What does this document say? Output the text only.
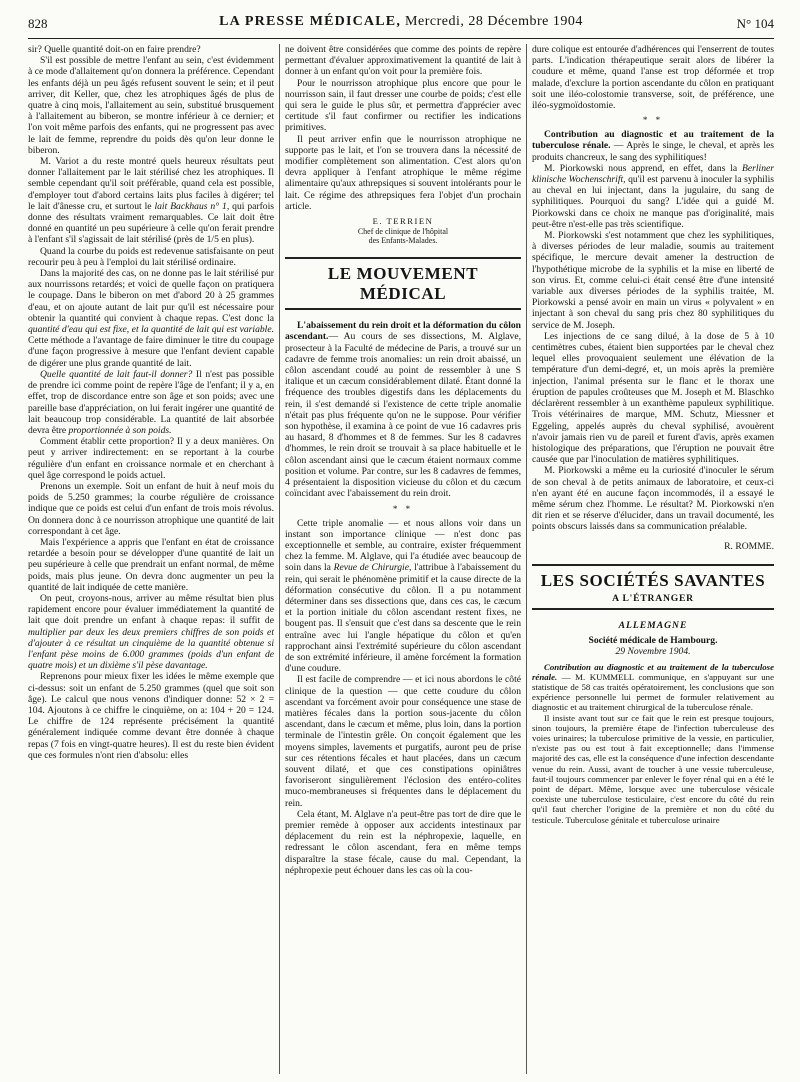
828	LA PRESSE MÉDICALE, Mercredi, 28 Décembre 1904	N° 104

sir? Quelle quantité doit-on en faire prendre?

S'il est possible de mettre l'enfant au sein, c'est évidemment à ce mode d'allaitement qu'on donnera la préférence. Cependant les enfants déjà un peu âgés refusent souvent le sein; et il peut arriver, dit Keller, que, chez les atrophiques âgés de plus de quatre à cinq mois, l'allaitement au sein, substitué brusquement à l'allaitement au biberon, se montre inférieur à ce dernier; et l'on voit même parfois des enfants, qui ne progressent pas avec le lait de femme, reprendre du poids dès qu'on leur donne le biberon.

M. Variot a du reste montré quels heureux résultats peut donner l'allaitement par le lait stérilisé chez les atrophiques. Il semble cependant qu'il soit préférable, quand cela est possible, d'employer tout d'abord certains laits plus faciles à digérer; tel le lait d'ânesse cru, et surtout le lait Backhaus n° 1, qui parfois donne des résultats vraiment remarquables. Ce lait doit être donné en quantité un peu supérieure à celle qu'on ferait prendre à l'enfant s'il s'agissait de lait stérilisé (près de 1/5 en plus).

Quand la courbe du poids est redevenue satisfaisante on peut recourir peu à peu à l'emploi du lait stérilisé ordinaire.

Dans la majorité des cas, on ne donne pas le lait stérilisé pur aux nourrissons retardés; et voici de quelle façon on pratiquera le coupage. Dans le biberon on met d'abord 20 à 25 grammes d'eau, et on ajoute autant de lait pur qu'il est nécessaire pour obtenir la quantité qui convient à chaque repas. C'est donc la quantité d'eau qui est fixe, et la quantité de lait qui est variable. Cette méthode a l'avantage de faire diminuer le titre du coupage d'une façon progressive à mesure que l'enfant devient capable de digérer une plus grande quantité de lait.

Quelle quantité de lait faut-il donner? Il n'est pas possible de prendre ici comme point de repère l'âge de l'enfant; il y a, en effet, trop de discordance entre son âge et son poids; avec une pareille base d'appréciation, on lui ferait ingérer une quantité de lait beaucoup trop considérable. La quantité de lait absorbée devra être proportionnée à son poids.

Comment établir cette proportion? Il y a deux manières. On peut y arriver indirectement: en se reportant à la courbe régulière d'un enfant en croissance normale et en cherchant à quel âge correspond le poids actuel.

Prenons un exemple. Soit un enfant de huit à neuf mois du poids de 5.250 grammes; la courbe régulière de croissance indique que ce poids est celui d'un enfant de trois mois révolus. On donnera donc à ce nourrisson atrophique une quantité de lait correspondant à cet âge.

Mais l'expérience a appris que l'enfant en état de croissance retardée a besoin pour se développer d'une quantité de lait un peu supérieure à celle que prendrait un enfant normal, de même poids, mais plus jeune. On devra donc augmenter un peu la quantité de lait indiquée de cette manière.

On peut, croyons-nous, arriver au même résultat bien plus rapidement encore pour évaluer immédiatement la quantité de lait que doit prendre un enfant à chaque repas: il suffit de multiplier par deux les deux premiers chiffres de son poids et d'ajouter à ce résultat un cinquième de la quantité obtenue si l'enfant pèse moins de 6.000 grammes (poids d'un enfant de quatre mois) et un dixième s'il pèse davantage.

Reprenons pour mieux fixer les idées le même exemple que ci-dessus: soit un enfant de 5.250 grammes (quel que soit son âge). Le calcul que nous venons d'indiquer donne: 52 × 2 = 104. Ajoutons à ce chiffre le cinquième, on a: 104 + 20 = 124. Le chiffre de 124 représente précisément la quantité généralement indiquée comme devant être donnée à chaque repas (7 fois en vingt-quatre heures). Il est du reste bien évident que ces formules n'ont rien d'absolu: elles

ne doivent être considérées que comme des points de repère permettant d'évaluer approximativement la quantité de lait à donner à un enfant qu'on voit pour la première fois.

Pour le nourrisson atrophique plus encore que pour le nourrisson sain, il faut dresser une courbe de poids; c'est elle qui sera le guide le plus sûr, et permettra d'apprécier avec certitude s'il faut confirmer ou rectifier les indications primitives.

Il peut arriver enfin que le nourrisson atrophique ne supporte pas le lait, et l'on se trouvera dans la nécessité de modifier complètement son alimentation. C'est alors qu'on devra appliquer à l'enfant atrophique le même régime alimentaire qu'aux athrepsiques si souvent intolérants pour le lait. Ce régime des athrepsiques fera l'objet d'un prochain article.

E. TERRIEN
Chef de clinique de l'hôpital
des Enfants-Malades.
LE MOUVEMENT MÉDICAL

L'abaissement du rein droit et la déformation du côlon ascendant.— Au cours de ses dissections, M. Alglave, prosecteur à la Faculté de médecine de Paris, a trouvé sur un cadavre de femme trois anomalies: un rein droit abaissé, un côlon ascendant coudé au point de ressembler à une S italique et un cæcum considérablement dilaté. Étant donné la fréquence des troubles digestifs dans les déplacements du rein, il s'est demandé si l'existence de cette triple anomalie n'était pas plus fréquente qu'on ne le suppose. Pour vérifier son hypothèse, il examina à ce point de vue 16 cadavres pris au hasard, 8 d'hommes et 8 de femmes. Sur les 8 cadavres d'hommes, le rein droit se trouvait à sa place habituelle et le côlon ascendant ainsi que le cæcum étaient normaux comme position et volume. Par contre, sur les 8 cadavres de femmes, 4 présentaient la disposition vicieuse du côlon et du cæcum coïncidant avec l'abaissement du rein droit.

* *

Cette triple anomalie — et nous allons voir dans un instant son importance clinique — n'est donc pas exceptionnelle et semble, au contraire, exister fréquemment chez la femme. M. Alglave, qui l'a étudiée avec beaucoup de soin dans la Revue de Chirurgie, l'attribue à l'abaissement du rein, qui serait le phénomène primitif et la cause directe de la déformation consécutive du côlon. Il a pu notamment déterminer dans ses dissections que, dans ces cas, le cæcum et la portion initiale du côlon ascendant restent fixes, ne bougent pas. Il s'ensuit que c'est dans sa descente que le rein entraîne avec lui l'angle hépatique du côlon et qu'en rapprochant ainsi l'extrémité supérieure du côlon ascendant de son extrémité inférieure, il amène forcément la formation d'une coudure.

Il est facile de comprendre — et ici nous abordons le côté clinique de la question — que cette coudure du côlon ascendant va forcément avoir pour conséquence une stase de matières fécales dans la portion sous-jacente du côlon ascendant, dans le cæcum et même, plus loin, dans la portion terminale de l'intestin grêle. On conçoit également que les moyens simples, lavements et purgatifs, auront peu de prise sur ces rétentions fécales et haut placées, dans un cæcum souvent dilaté, et que ces constipations opiniâtres favoriseront singulièrement l'éclosion des entéro-colites muco-membraneuses si fréquentes dans le déplacement du rein.

Cela étant, M. Alglave n'a peut-être pas tort de dire que le premier remède à opposer aux accidents intestinaux par déplacement du rein est la néphropexie, laquelle, en redressant le côlon ascendant, fera en même temps disparaître la stase fécale, cause du mal. Cependant, la néphropexie peut échouer dans les cas où la cou-

dure colique est entourée d'adhérences qui l'enserrent de toutes parts. L'indication thérapeutique serait alors de libérer la coudure et même, quand l'anse est trop déformée et trop malade, d'exclure la portion ascendante du côlon en pratiquant soit une iléo-colostomie transverse, soit, de préférence, une iléo-sygmoïdostomie.

* *

Contribution au diagnostic et au traitement de la tuberculose rénale. — Après le singe, le cheval, et après les produits chancreux, le sang des syphilitiques!

M. Piorkowski nous apprend, en effet, dans la Berliner klinische Wochenschrift, qu'il est parvenu à inoculer la syphilis au cheval en lui injectant, dans la jugulaire, du sang de syphilitiques. Pourquoi du sang? L'idée qui a guidé M. Piorkowski dans ce choix ne manque pas d'originalité, mais peut-être n'est-elle pas très scientifique.

M. Piorkowski s'est notamment que chez les syphilitiques, à diverses périodes de leur maladie, soumis au traitement spécifique, le mercure devait amener la destruction de l'hypothétique microbe de la syphilis et la mise en liberté de son virus. Et, comme celui-ci était censé être d'une intensité variable aux diverses périodes de la syphilis traitée, M. Piorkowski a pensé avoir en main un virus « polyvalent » en injectant à son cheval du sang pris chez 80 syphilitiques du service de M. Joseph.

Les injections de ce sang dilué, à la dose de 5 à 10 centimètres cubes, étaient bien supportées par le cheval chez lequel elles provoquaient seulement une élévation de la température d'un demi-degré, et, un mois après la première injection, l'animal présenta sur le flanc et le thorax une éruption de papules croûteuses que M. Joseph et M. Blaschko déclarèrent ressembler à un exanthème papuleux syphilitique. Trois vétérinaires de marque, MM. Schutz, Miessner et Eggeling, appelés auprès du cheval syphilisé, avouèrent n'avoir jamais rien vu de pareil et furent d'avis, après examen histologique des préparations, que l'éruption ne pouvait être causée que par l'inoculation de matières syphilitiques.

M. Piorkowski a même eu la curiosité d'inoculer le sérum de son cheval à de petits animaux de laboratoire, et ceux-ci n'en ayant été en aucune façon incommodés, il a essayé le même sérum chez l'homme. Le résultat? M. Piorkowski n'en dit rien et se réserve d'élucider, dans un travail documenté, les points obscurs laissés dans sa communication préalable.

R. ROMME.
LES SOCIÉTÉS SAVANTES
A L'ÉTRANGER
ALLEMAGNE
Société médicale de Hambourg.
29 Novembre 1904.

Contribution au diagnostic et au traitement de la tuberculose rénale. — M. KUMMELL communique, en s'appuyant sur une statistique de 58 cas traités opératoirement, les conclusions que son expérience personnelle lui permet de formuler relativement au diagnostic et au traitement chirurgical de la tuberculose rénale.

Il insiste avant tout sur ce fait que le rein est presque toujours, sinon toujours, la première étape de l'infection tuberculeuse des voies urinaires; la tuberculose primitive de la vessie, en particulier, n'existe pas ou est tout à fait exceptionnelle; dans l'immense majorité des cas, elle est la conséquence d'une infection descendante venue du rein. Aussi, avant de toucher à une vessie tuberculeuse, faut-il toujours commencer par enlever le foyer rénal qui en a été le point de départ. Même, lorsque avec une tuberculose vésicale coexiste une tuberculose testiculaire, c'est encore du côté du rein qu'il faut chercher l'origine de la première et non du côté du testicule. Tuberculose génitale et tuberculose urinaire
